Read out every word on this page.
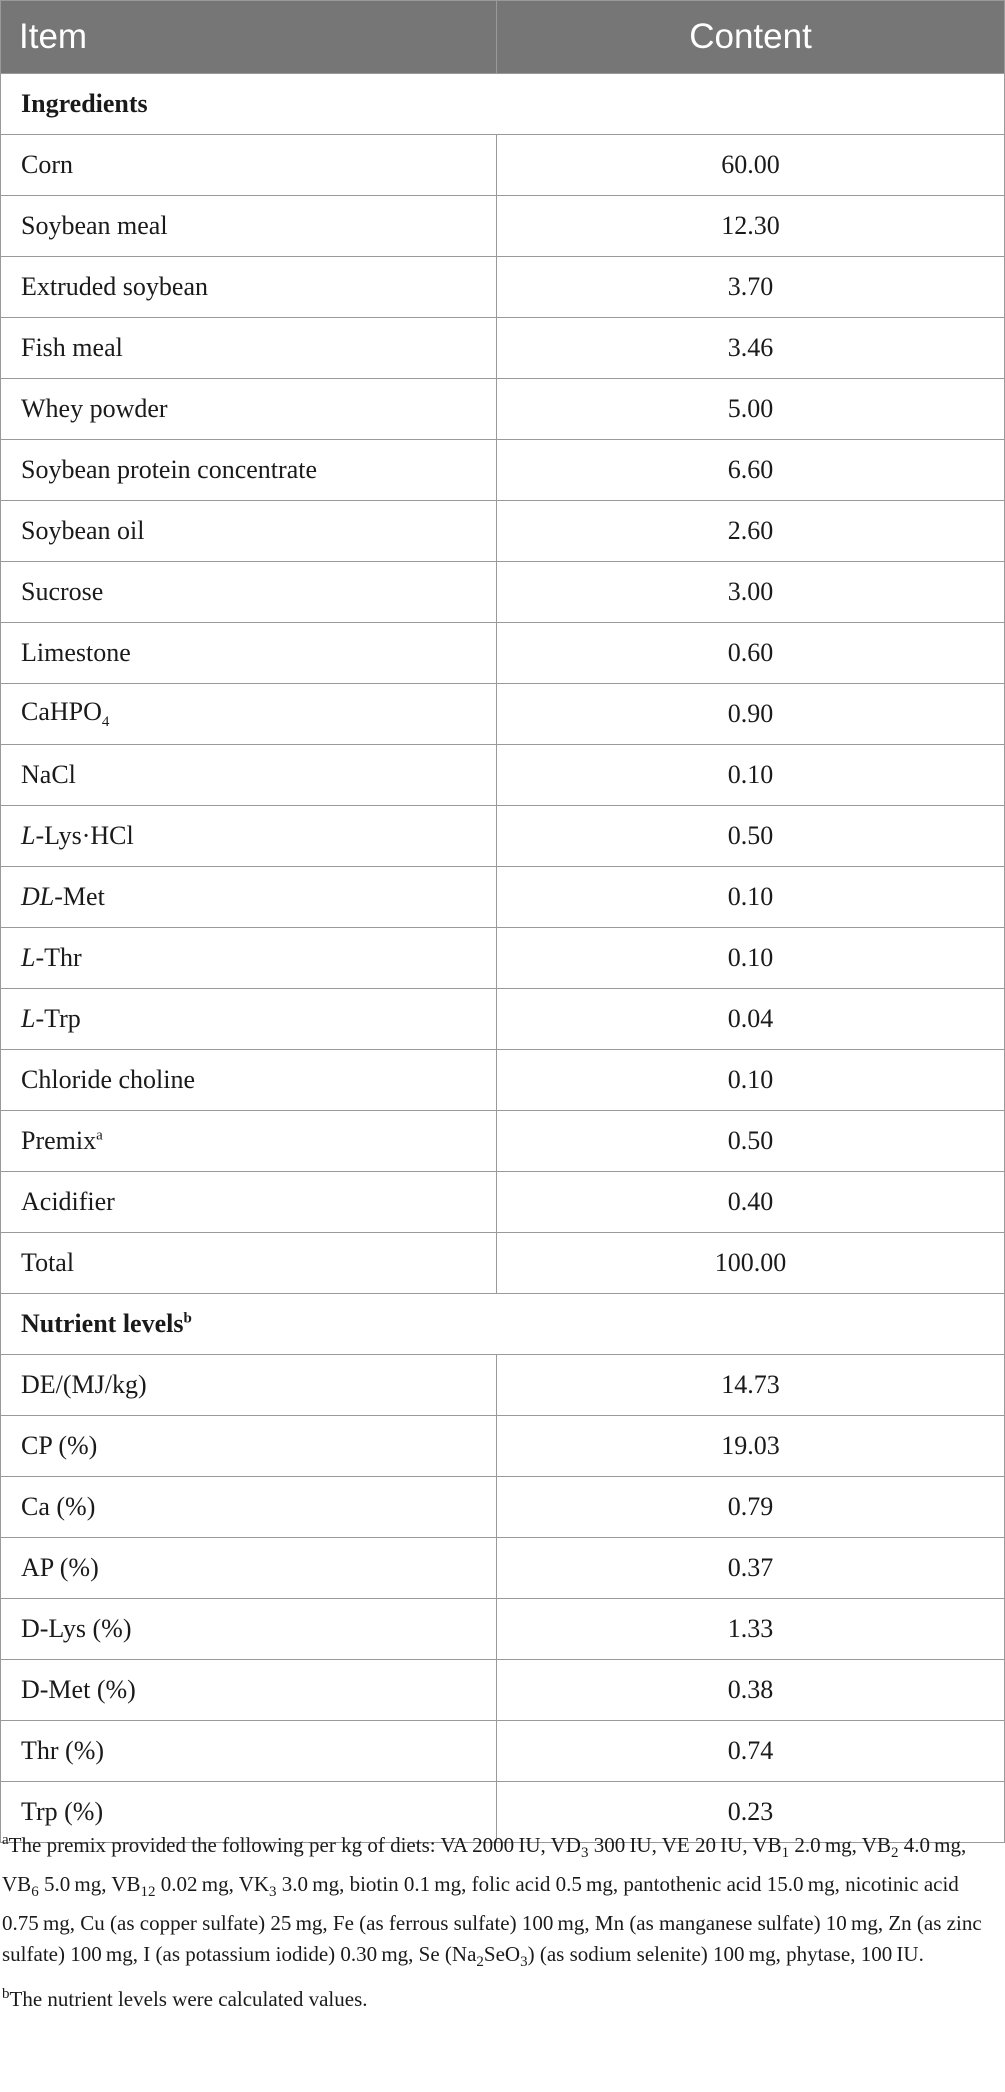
Item	Content
Ingredients	
Corn	60.00
Soybean meal	12.30
Extruded soybean	3.70
Fish meal	3.46
Whey powder	5.00
Soybean protein concentrate	6.60
Soybean oil	2.60
Sucrose	3.00
Limestone	0.60
CaHPO$_4$	0.90
NaCl	0.10
L-Lys·HCl	0.50
DL-Met	0.10
L-Thr	0.10
L-Trp	0.04
Chloride choline	0.10
Premix$^a$	0.50
Acidifier	0.40
Total	100.00
Nutrient levels$^b$
DE/(MJ/kg)	14.73
CP (%)	19.03
Ca (%)	0.79
AP (%)	0.37
D-Lys (%)	1.33
D-Met (%)	0.38
Thr (%)	0.74
Trp (%)	0.23

$^a$The premix provided the following per kg of diets: VA 2000 IU, $VD_3$ 300 IU, VE 20 IU, $VB_1$ 2.0 mg, $VB_2$ 4.0 mg, $VB_6$ 5.0 mg, $VB_{12}$ 0.02 mg, $VK_3$ 3.0 mg, biotin 0.1 mg, folic acid 0.5 mg, pantothenic acid 15.0 mg, nicotinic acid 0.75 mg, Cu (as copper sulfate) 25 mg, Fe (as ferrous sulfate) 100 mg, Mn (as manganese sulfate) 10 mg, Zn (as zinc sulfate) 100 mg, I (as potassium iodide) 0.30 mg, Se $(Na_2SeO_3)$ (as sodium selenite) 100 mg, phytase, 100 IU.

$^b$The nutrient levels were calculated values.
